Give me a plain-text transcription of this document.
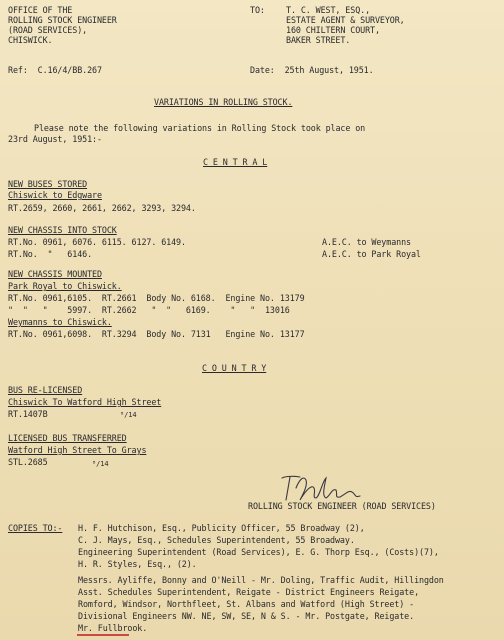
OFFICE OF THE
ROLLING STOCK ENGINEER
(ROAD SERVICES),
CHISWICK.
TO:	T. C. WEST, ESQ.,
ESTATE AGENT & SURVEYOR,
160 CHILTERN COURT,
BAKER STREET.
Ref:  C.16/4/BB.267	Date:  25th August, 1951.
VARIATIONS IN ROLLING STOCK.
Please note the following variations in Rolling Stock took place on
23rd August, 1951:-
C E N T R A L
NEW BUSES STORED
Chiswick to Edgware
RT.2659, 2660, 2661, 2662, 3293, 3294.
NEW CHASSIS INTO STOCK
RT.No. 0961, 6076. 6115. 6127. 6149.	A.E.C. to Weymanns
RT.No.  "   6146.	A.E.C. to Park Royal
NEW CHASSIS MOUNTED
Park Royal to Chiswick.
RT.No. 0961,6105.  RT.2661  Body No. 6168.  Engine No. 13179
"  "   "    5997.  RT.2662   "  "   6169.    "   "  13016
Weymanns to Chiswick.
RT.No. 0961,6098.  RT.3294  Body No. 7131   Engine No. 13177
C O U N T R Y
BUS RE-LICENSED
Chiswick To Watford High Street
RT.1407B	⁸/14
LICENSED BUS TRANSFERRED
Watford High Street To Grays
STL.2685	⁸/14
ROLLING STOCK ENGINEER (ROAD SERVICES)
COPIES TO:- H. F. Hutchison, Esq., Publicity Officer, 55 Broadway (2),
C. J. Mays, Esq., Schedules Superintendent, 55 Broadway.
Engineering Superintendent (Road Services), E. G. Thorp Esq., (Costs)(7),
H. R. Styles, Esq., (2).
Messrs. Ayliffe, Bonny and O'Neill - Mr. Doling, Traffic Audit, Hillingdon
Asst. Schedules Superintendent, Reigate - District Engineers Reigate,
Romford, Windsor, Northfleet, St. Albans and Watford (High Street) -
Divisional Engineers NW. NE, SW, SE, N & S. - Mr. Postgate, Reigate.
Mr. Fullbrook.
